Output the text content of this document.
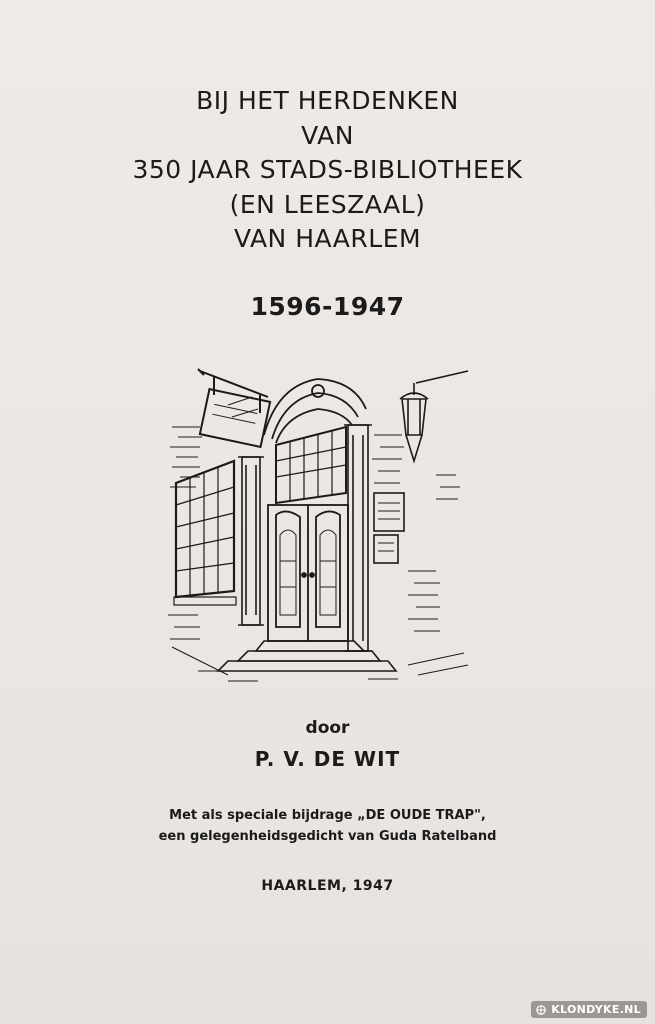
BIJ HET HERDENKEN
VAN
350 JAAR STADS-BIBLIOTHEEK
(EN LEESZAAL)
VAN HAARLEM
1596-1947
door
P. V. DE WIT
Met als speciale bijdrage „DE OUDE TRAP",
een gelegenheidsgedicht van Guda Ratelband
HAARLEM, 1947
KLONDYKE.NL
